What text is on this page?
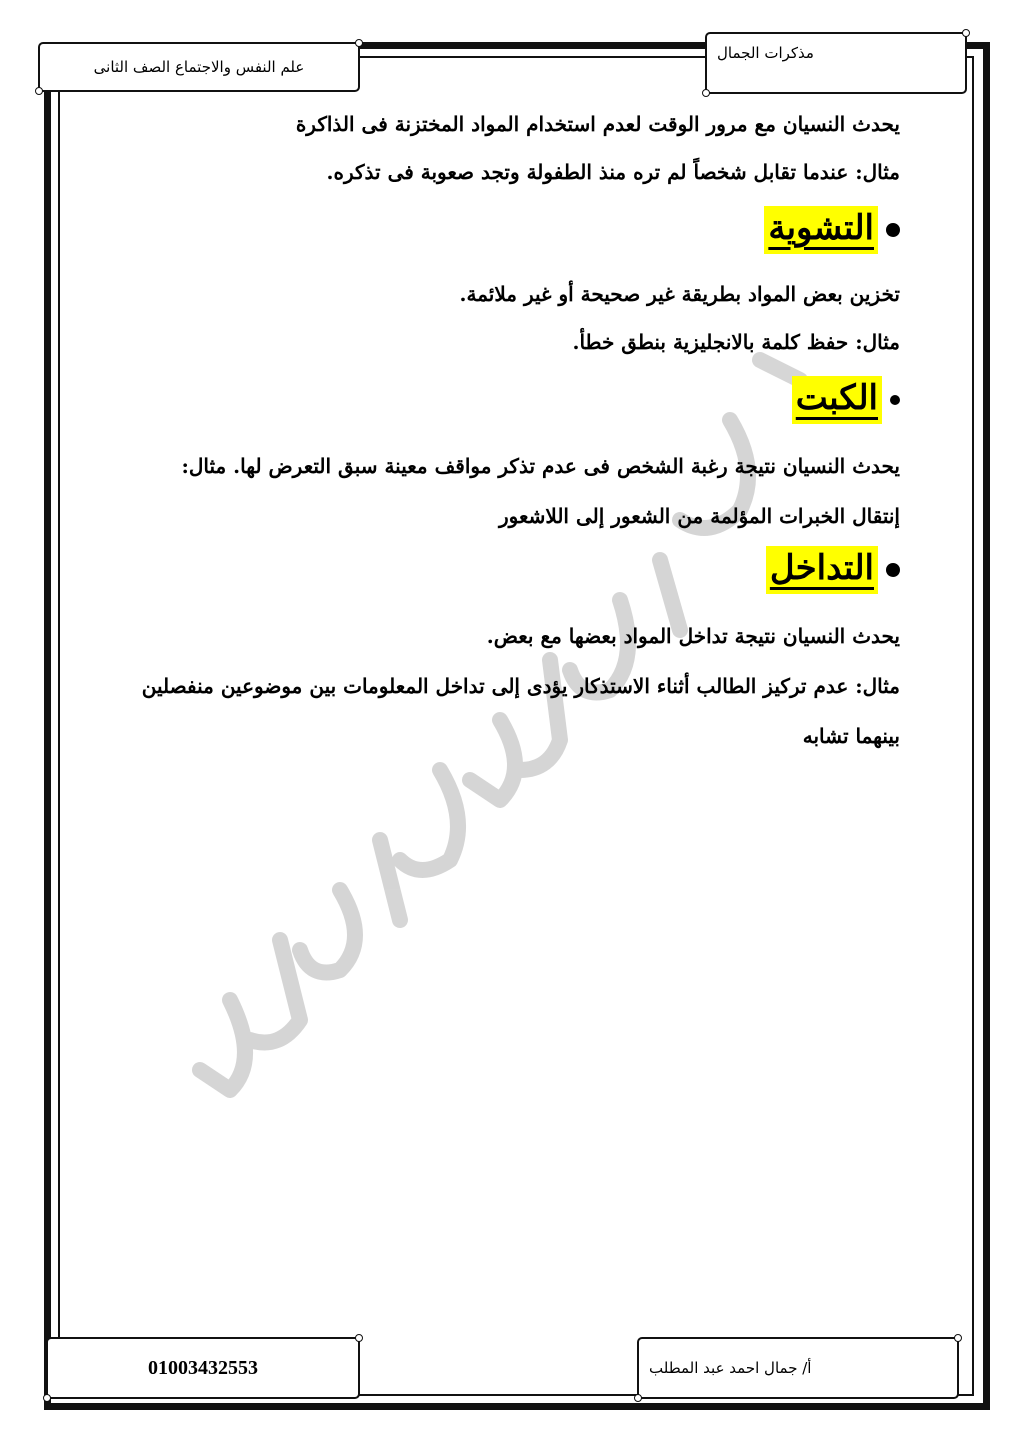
مذكرات الجمال
علم النفس والاجتماع الصف الثانى

يحدث النسيان مع مرور الوقت لعدم استخدام المواد المختزنة فى الذاكرة

مثال: عندما تقابل شخصاً لم تره منذ الطفولة وتجد صعوبة فى تذكره.

التشوية

تخزين بعض المواد بطريقة غير صحيحة أو غير ملائمة.

مثال: حفظ كلمة بالانجليزية بنطق خطأ.

الكبت

يحدث النسيان نتيجة رغبة الشخص فى عدم تذكر مواقف معينة سبق التعرض لها. مثال:

إنتقال الخبرات المؤلمة من الشعور إلى اللاشعور

التداخل

يحدث النسيان نتيجة تداخل المواد بعضها مع بعض.

مثال: عدم تركيز الطالب أثناء الاستذكار يؤدى إلى تداخل المعلومات بين موضوعين منفصلين

بينهما تشابه

أ/ جمال احمد عبد المطلب
01003432553
